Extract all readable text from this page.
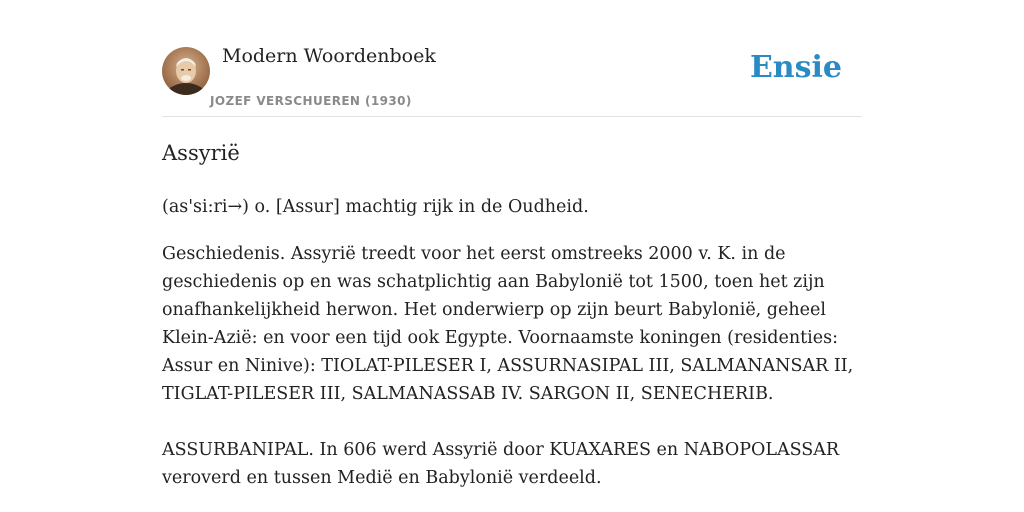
Modern Woordenboek
JOZEF VERSCHUEREN (1930)
Ensie
Assyrië

(as'si:ri→) o. [Assur] machtig rijk in de Oudheid.

Geschiedenis. Assyrië treedt voor het eerst omstreeks 2000 v. K. in de geschiedenis op en was schatplichtig aan Babylonië tot 1500, toen het zijn onafhankelijkheid herwon. Het onderwierp op zijn beurt Babylonië, geheel Klein-Azië: en voor een tijd ook Egypte. Voornaamste koningen (residenties: Assur en Ninive): TIOLAT-PILESER I, ASSURNASIPAL III, SALMANANSAR II, TIGLAT-PILESER III, SALMANASSAB IV. SARGON II, SENECHERIB.

ASSURBANIPAL. In 606 werd Assyrië door KUAXARES en NABOPOLASSAR veroverd en tussen Medië en Babylonië verdeeld.
